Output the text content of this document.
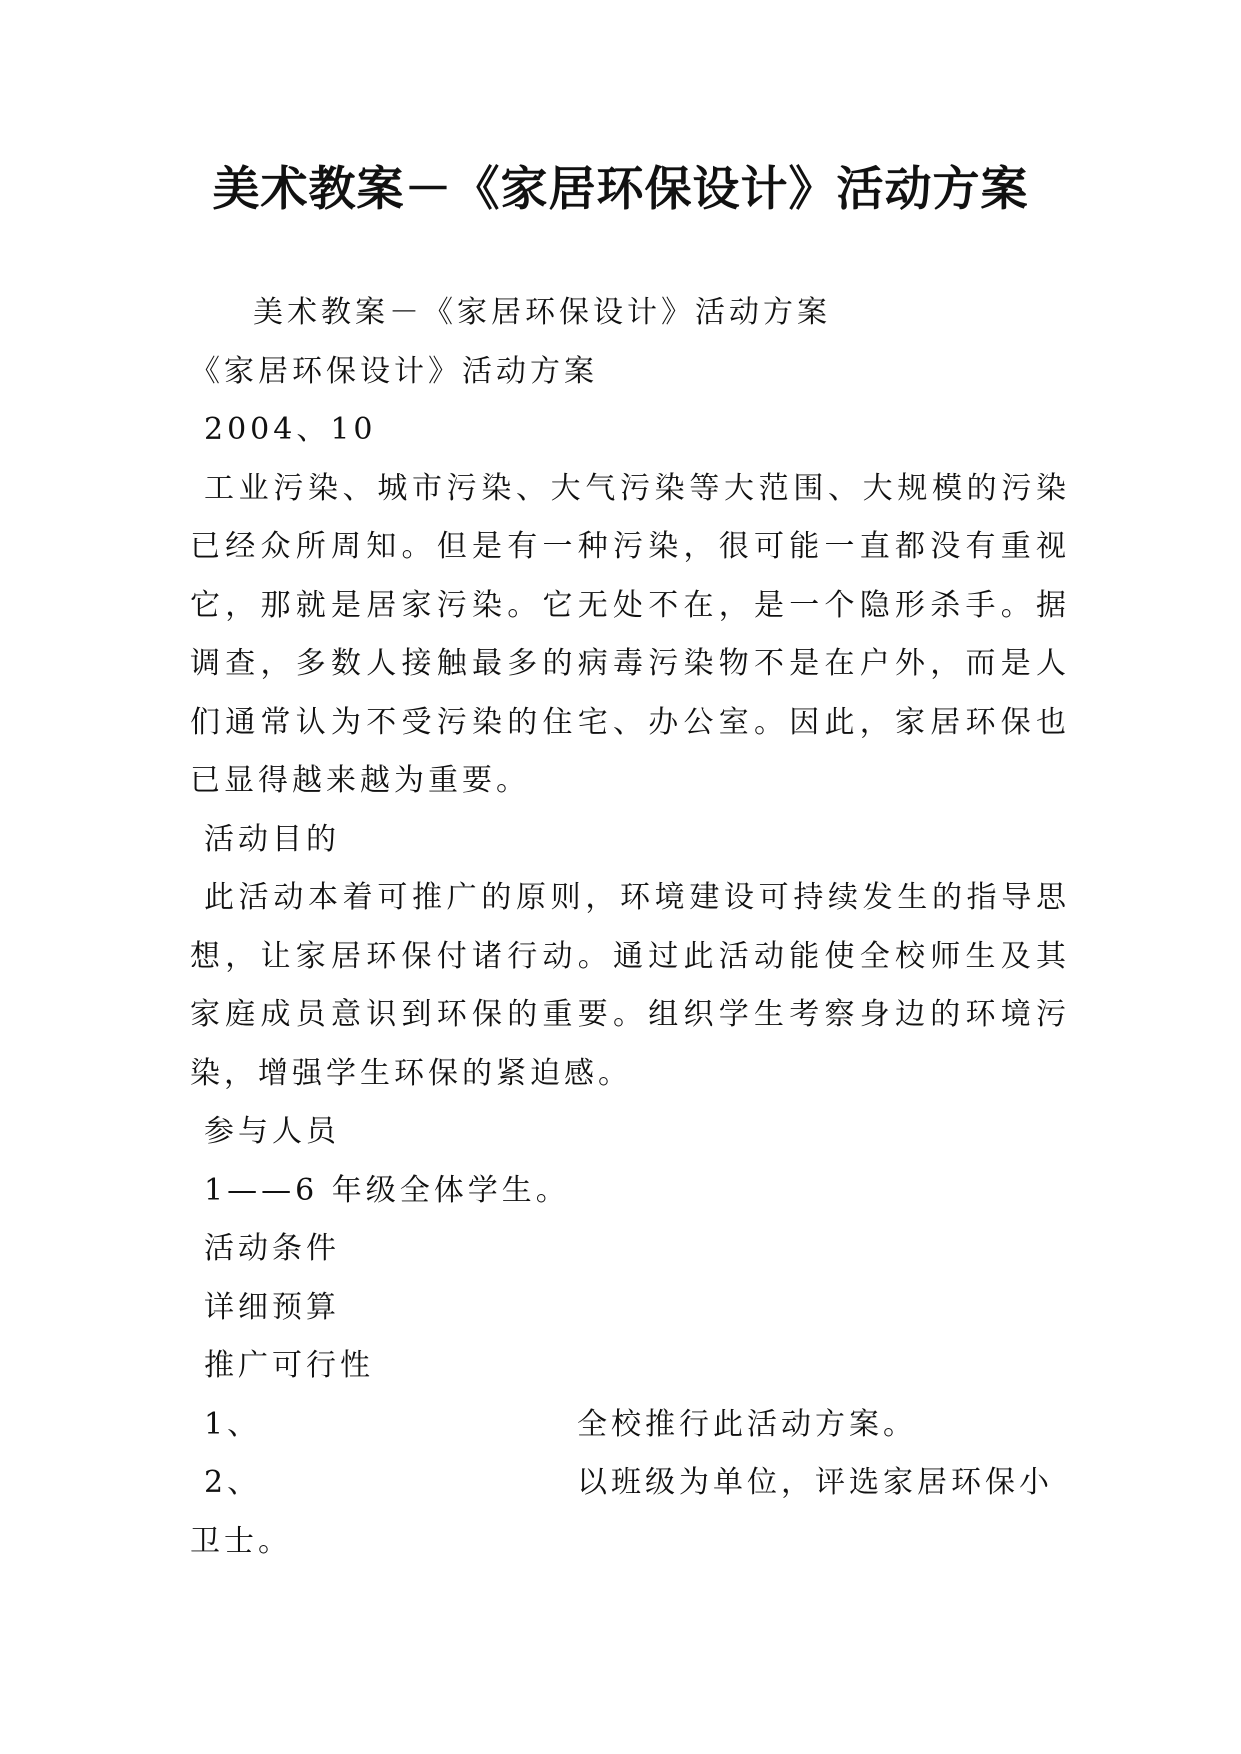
美术教案－《家居环保设计》活动方案
美术教案－《家居环保设计》活动方案
《家居环保设计》活动方案
2004、10
工业污染、城市污染、大气污染等大范围、大规模的污染已经众所周知。但是有一种污染，很可能一直都没有重视它，那就是居家污染。它无处不在，是一个隐形杀手。据调查，多数人接触最多的病毒污染物不是在户外，而是人们通常认为不受污染的住宅、办公室。因此，家居环保也已显得越来越为重要。
活动目的
此活动本着可推广的原则，环境建设可持续发生的指导思想，让家居环保付诸行动。通过此活动能使全校师生及其家庭成员意识到环保的重要。组织学生考察身边的环境污染，增强学生环保的紧迫感。
参与人员
1——6 年级全体学生。
活动条件
详细预算
推广可行性
1、	全校推行此活动方案。
2、	以班级为单位，评选家居环保小
卫士。
